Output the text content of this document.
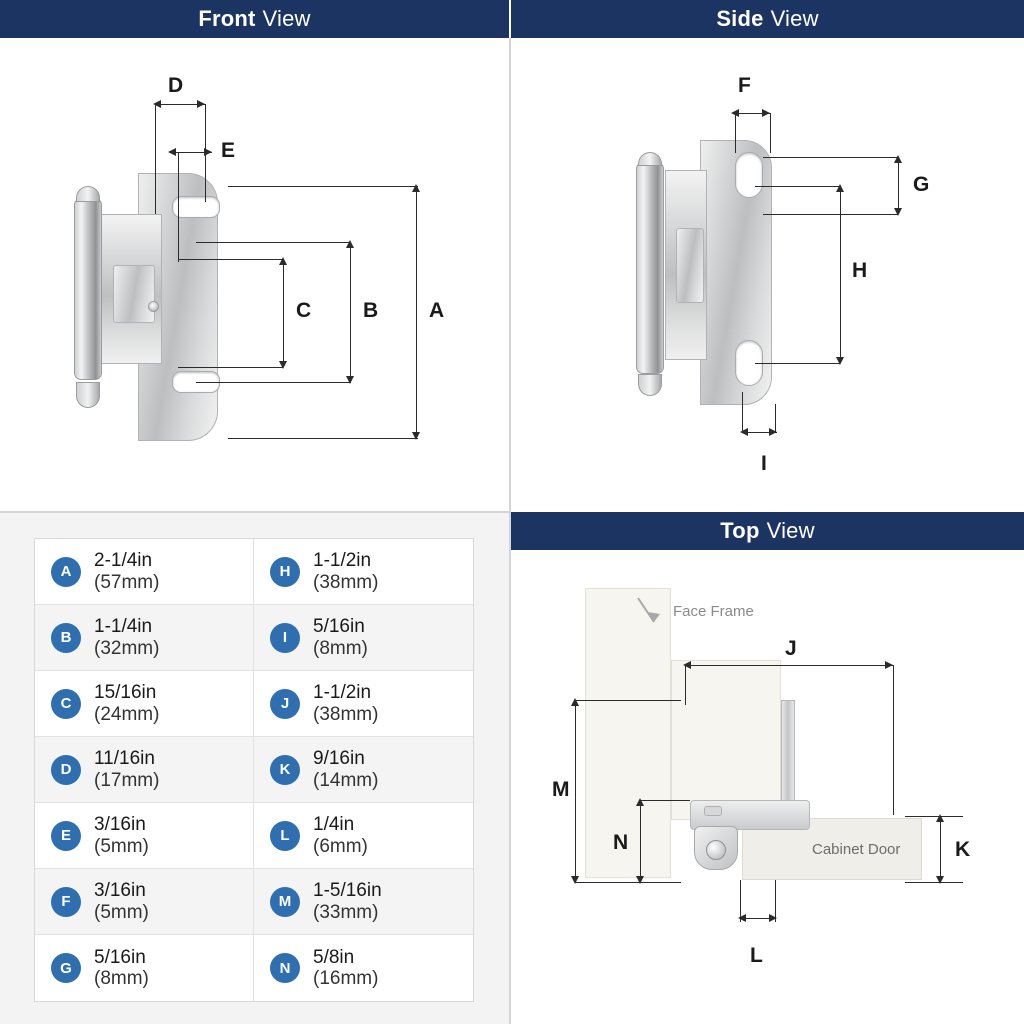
Front View	Side View
Top View
D
E
C B A
F
G
H
I
Face Frame
Cabinet Door
J
M
N	K
L
A
2-1/4in
(57mm)
B
1-1/4in
(32mm)
C
15/16in
(24mm)
D
11/16in
(17mm)
E
3/16in
(5mm)
F
3/16in
(5mm)
G
5/16in
(8mm)
H
1-1/2in
(38mm)
I
5/16in
(8mm)
J
1-1/2in
(38mm)
K
9/16in
(14mm)
L
1/4in
(6mm)
M
1-5/16in
(33mm)
N
5/8in
(16mm)
